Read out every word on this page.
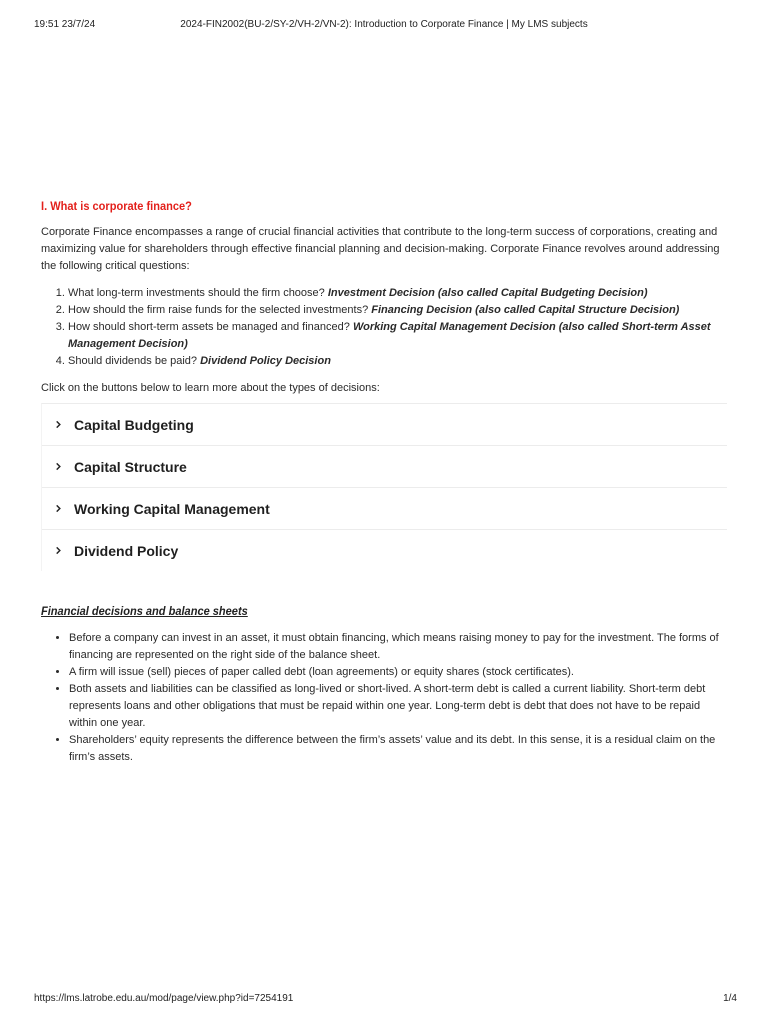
19:51 23/7/24	2024-FIN2002(BU-2/SY-2/VH-2/VN-2): Introduction to Corporate Finance | My LMS subjects
I. What is corporate finance?

Corporate Finance encompasses a range of crucial financial activities that contribute to the long-term success of corporations, creating and maximizing value for shareholders through effective financial planning and decision-making. Corporate Finance revolves around addressing the following critical questions:

1. What long-term investments should the firm choose? Investment Decision (also called Capital Budgeting Decision)
2. How should the firm raise funds for the selected investments? Financing Decision (also called Capital Structure Decision)
3. How should short-term assets be managed and financed? Working Capital Management Decision (also called Short-term Asset Management Decision)
4. Should dividends be paid? Dividend Policy Decision

Click on the buttons below to learn more about the types of decisions:

Capital Budgeting
Capital Structure
Working Capital Management
Dividend Policy
Financial decisions and balance sheets
• Before a company can invest in an asset, it must obtain financing, which means raising money to pay for the investment. The forms of financing are represented on the right side of the balance sheet.
• A firm will issue (sell) pieces of paper called debt (loan agreements) or equity shares (stock certificates).
• Both assets and liabilities can be classified as long-lived or short-lived. A short-term debt is called a current liability. Short-term debt represents loans and other obligations that must be repaid within one year. Long-term debt is debt that does not have to be repaid within one year.
• Shareholders’ equity represents the difference between the firm’s assets’ value and its debt. In this sense, it is a residual claim on the firm’s assets.
https://lms.latrobe.edu.au/mod/page/view.php?id=7254191	1/4
